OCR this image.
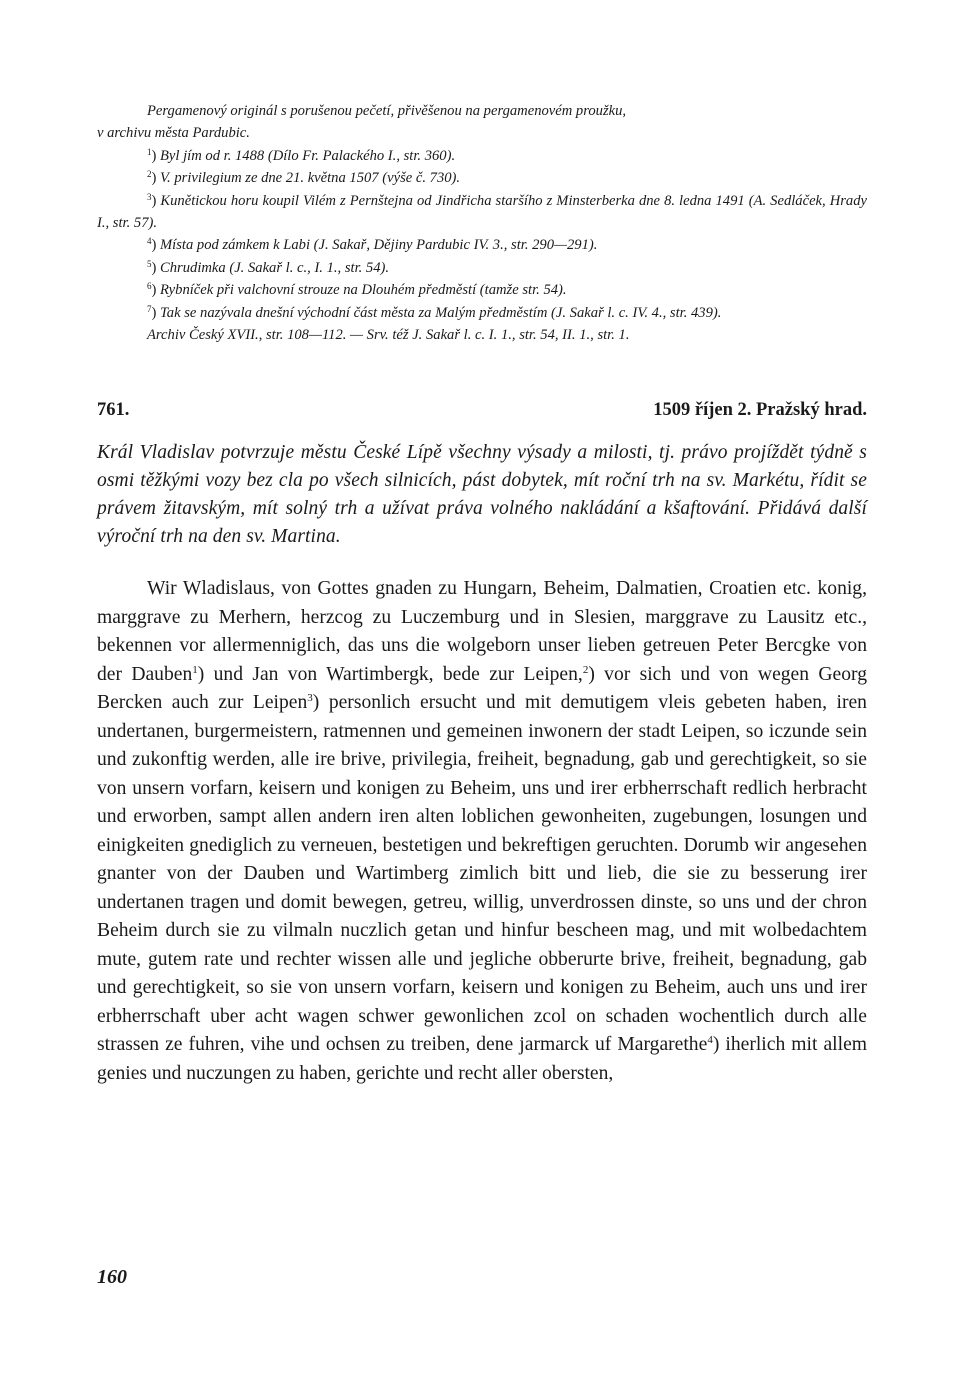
Pergamenový originál s porušenou pečetí, přivěšenou na pergamenovém proužku,
v archivu města Pardubic.

$^1$) Byl jím od r. 1488 (Dílo Fr. Palackého I., str. 360).

$^2$) V. privilegium ze dne 21. května 1507 (výše č. 730).

$^3$) Kunětickou horu koupil Vilém z Pernštejna od Jindřicha staršího z Minsterberka dne 8. ledna 1491 (A. Sedláček, Hrady I., str. 57).

$^4$) Místa pod zámkem k Labi (J. Sakař, Dějiny Pardubic IV. 3., str. 290—291).

$^5$) Chrudimka (J. Sakař l. c., I. 1., str. 54).

$^6$) Rybníček při valchovní strouze na Dlouhém předměstí (tamže str. 54).

$^7$) Tak se nazývala dnešní východní část města za Malým předměstím (J. Sakař l. c. IV. 4., str. 439).

Archiv Český XVII., str. 108—112. — Srv. též J. Sakař l. c. I. 1., str. 54, II. 1., str. 1.

761.	1509 říjen 2. Pražský hrad.
Král Vladislav potvrzuje městu České Lípě všechny výsady a milosti, tj. právo projíždět týdně s osmi těžkými vozy bez cla po všech silnicích, pást dobytek, mít roční trh na sv. Markétu, řídit se právem žitavským, mít solný trh a užívat práva volného nakládání a kšaftování. Přidává další výroční trh na den sv. Martina.
Wir Wladislaus, von Gottes gnaden zu Hungarn, Beheim, Dalmatien, Croatien etc. konig, marggrave zu Merhern, herzcog zu Luczemburg und in Slesien, marggrave zu Lausitz etc., bekennen vor allermenniglich, das uns die wolgeborn unser lieben getreuen Peter Bercgke von der Dauben$^1$) und Jan von Wartimbergk, bede zur Leipen,$^2$) vor sich und von wegen Georg Bercken auch zur Leipen$^3$) personlich ersucht und mit demutigem vleis gebeten haben, iren undertanen, burgermeistern, ratmennen und gemeinen inwonern der stadt Leipen, so iczunde sein und zukonftig werden, alle ire brive, privilegia, freiheit, begnadung, gab und gerechtigkeit, so sie von unsern vorfarn, keisern und konigen zu Beheim, uns und irer erbherrschaft redlich herbracht und erworben, sampt allen andern iren alten loblichen gewonheiten, zugebungen, losungen und einigkeiten gnediglich zu verneuen, bestetigen und bekreftigen geruchten. Dorumb wir angesehen gnanter von der Dauben und Wartimberg zimlich bitt und lieb, die sie zu besserung irer undertanen tragen und domit bewegen, getreu, willig, unverdrossen dinste, so uns und der chron Beheim durch sie zu vilmaln nuczlich getan und hinfur bescheen mag, und mit wolbedachtem mute, gutem rate und rechter wissen alle und jegliche obberurte brive, freiheit, begnadung, gab und gerechtigkeit, so sie von unsern vorfarn, keisern und konigen zu Beheim, auch uns und irer erbherrschaft uber acht wagen schwer gewonlichen zcol on schaden wochentlich durch alle strassen ze fuhren, vihe und ochsen zu treiben, dene jarmarck uf Margarethe$^4$) iherlich mit allem genies und nuczungen zu haben, gerichte und recht aller obersten,
160
